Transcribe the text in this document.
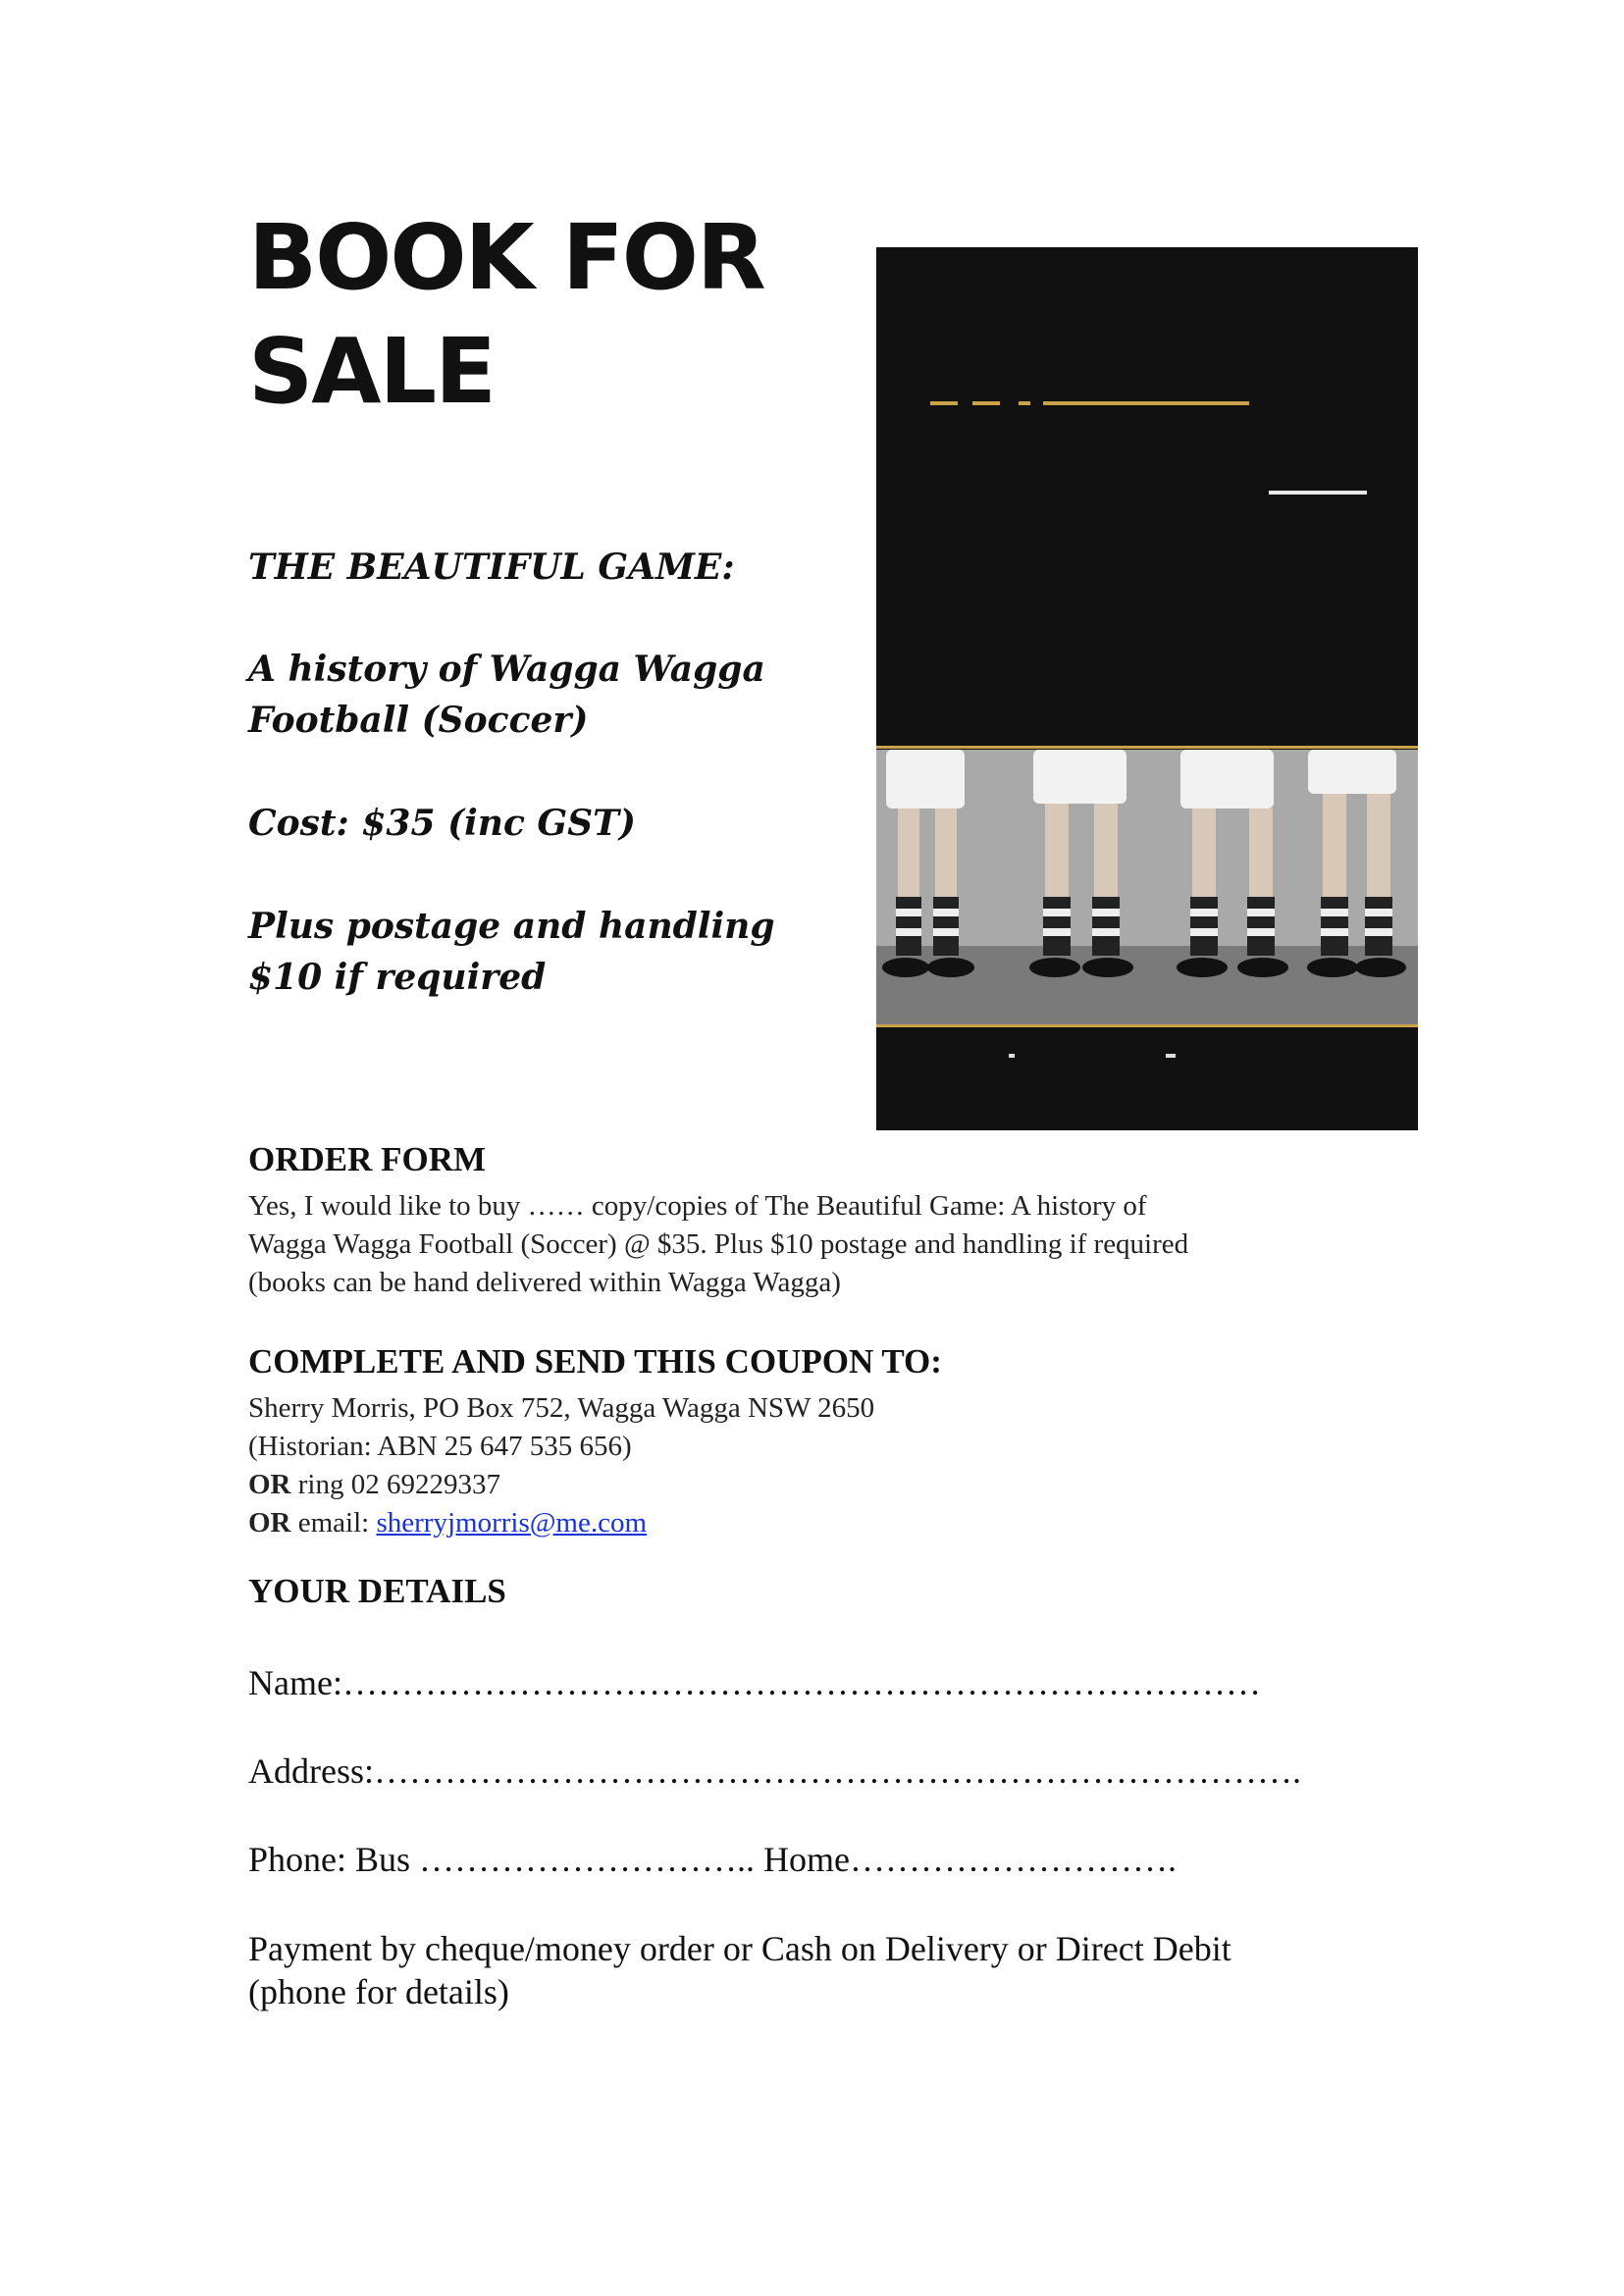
BOOK FOR
SALE
THE BEAUTIFUL GAME:
A history of Wagga Wagga
Football (Soccer)
Cost: $35 (inc GST)
Plus postage and handling
$10 if required
ORDER FORM
Yes, I would like to buy …… copy/copies of The Beautiful Game: A history of
Wagga Wagga Football (Soccer) @ $35. Plus $10 postage and handling if required
(books can be hand delivered within Wagga Wagga)
COMPLETE AND SEND THIS COUPON TO:
Sherry Morris, PO Box 752, Wagga Wagga NSW 2650
(Historian: ABN 25 647 535 656)
OR ring 02 69229337
OR email: sherryjmorris@me.com
YOUR DETAILS
Name:……………………………………………………………………
Address:…………………………………………………………………….
Phone: Bus ……………………….. Home……………………….
Payment by cheque/money order or Cash on Delivery or Direct Debit
(phone for details)
